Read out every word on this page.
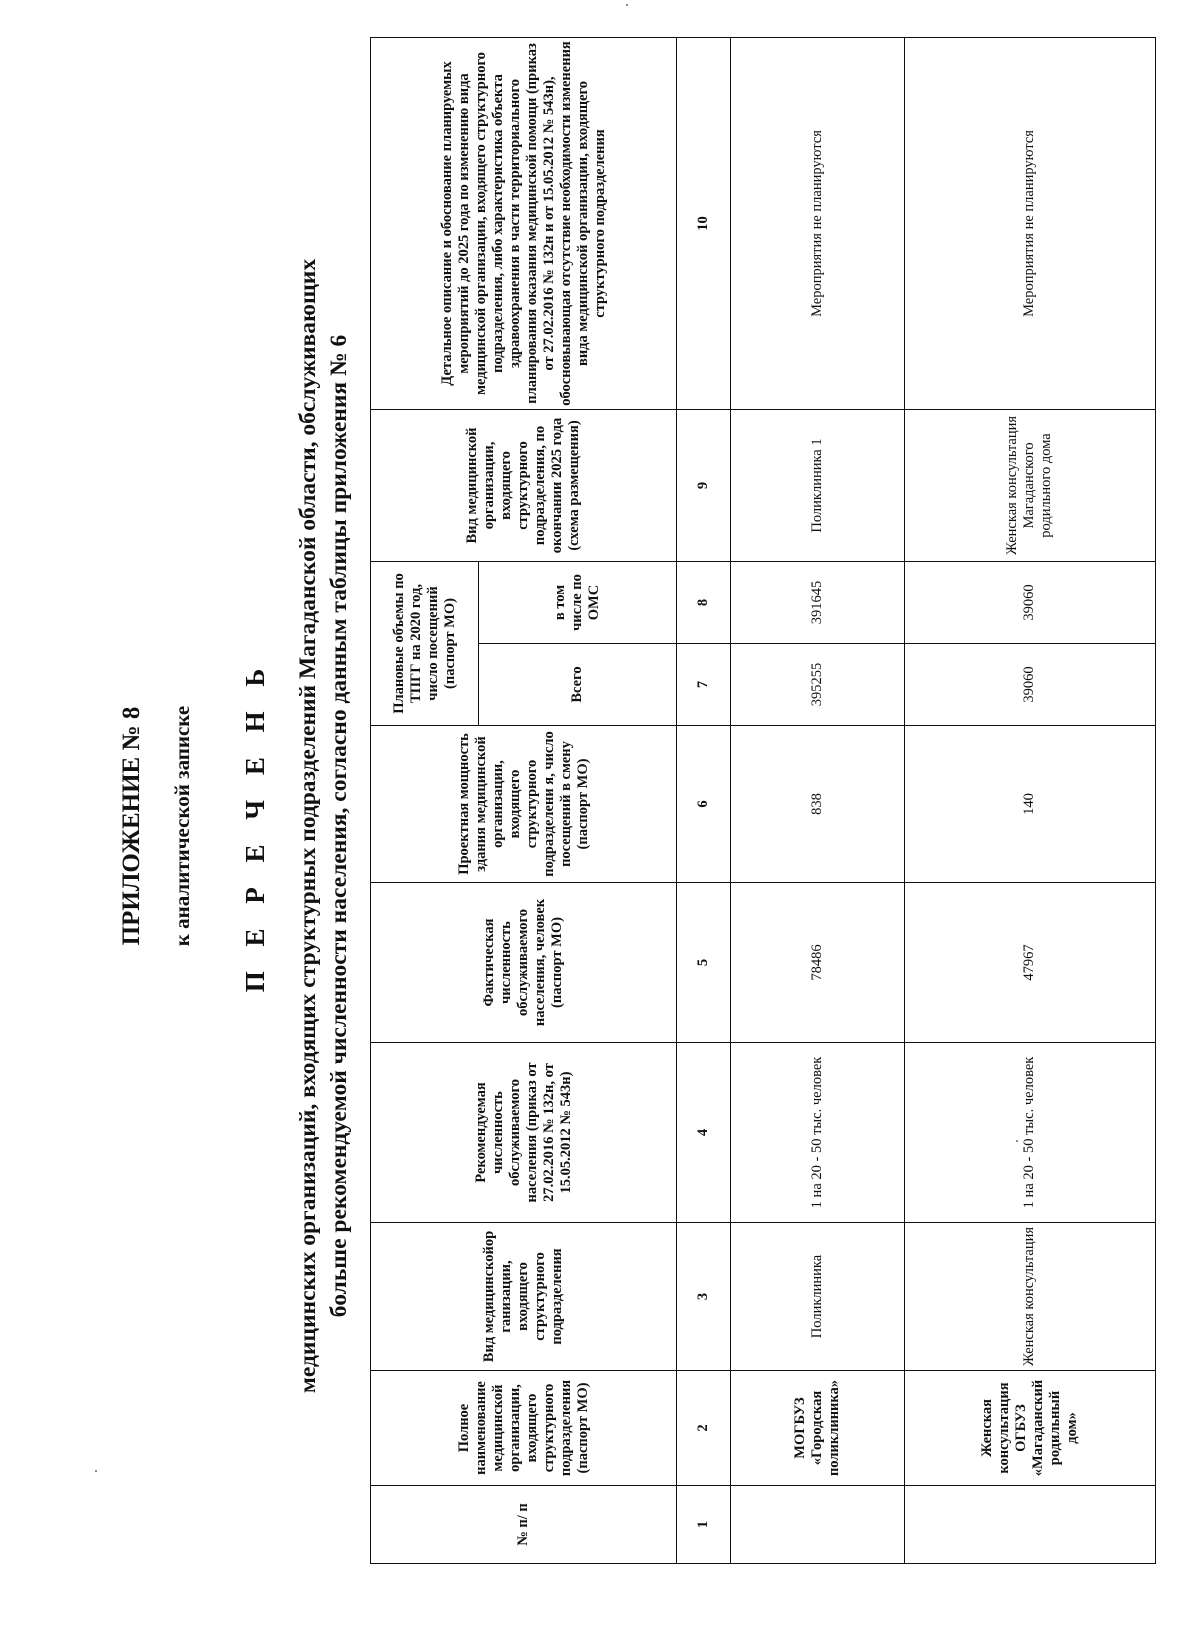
ПРИЛОЖЕНИЕ № 8 к аналитической записке П Е Р Е Ч Е Н Ь медицинских организаций, входящих структурных подразделений Магаданской области, обслуживающих больше рекомендуемой численности населения, согласно данным таблицы приложения № 6
№ п/ п	Полное наименование медицинской организации, входящего структурного подразделения (паспорт МО)	Вид медицинскойор ганизации, входящего структурного подразделения	Рекомендуемая численность обслуживаемого населения (приказ от 27.02.2016 № 132н, от 15.05.2012 № 543н)	Фактическая численность обслуживаемого населения, человек (паспорт МО)	Проектная мощность здания медицинской организации, входящего структурного подразделени я, число посещений в смену (паспорт МО)	Плановые объемы по ТПГГ на 2020 год, число посещений (паспорт МО)		Вид медицинской организации, входящего структурного подразделения, по окончании 2025 года (схема размещения)	Детальное описание и обоснование планируемых мероприятий до 2025 года по изменению вида медицинской организации, входящего структурного подразделения, либо характеристика объекта здравоохранения в части территориального планирования оказания медицинской помощи (приказ от 27.02.2016 № 132н и от 15.05.2012 № 543н), обосновывающая отсутствие необходимости изменения вида медицинской организации, входящего структурного подразделения
						Всего	в том числе по ОМС		
1	2	3	4	5	6	7	8	9	10
	МОГБУЗ «Городская поликлиника»	Поликлиника	1 на 20 - 50 тыс. человек	78486	838	395255	391645	Поликлиника 1	Мероприятия не планируются
	Женская консультация ОГБУЗ «Магаданский родильный дом»	Женская консультация	1 на 20 - 50 тыс. человек	47967	140	39060	39060	Женская консультация Магаданского родильного дома	Мероприятия не планируются
